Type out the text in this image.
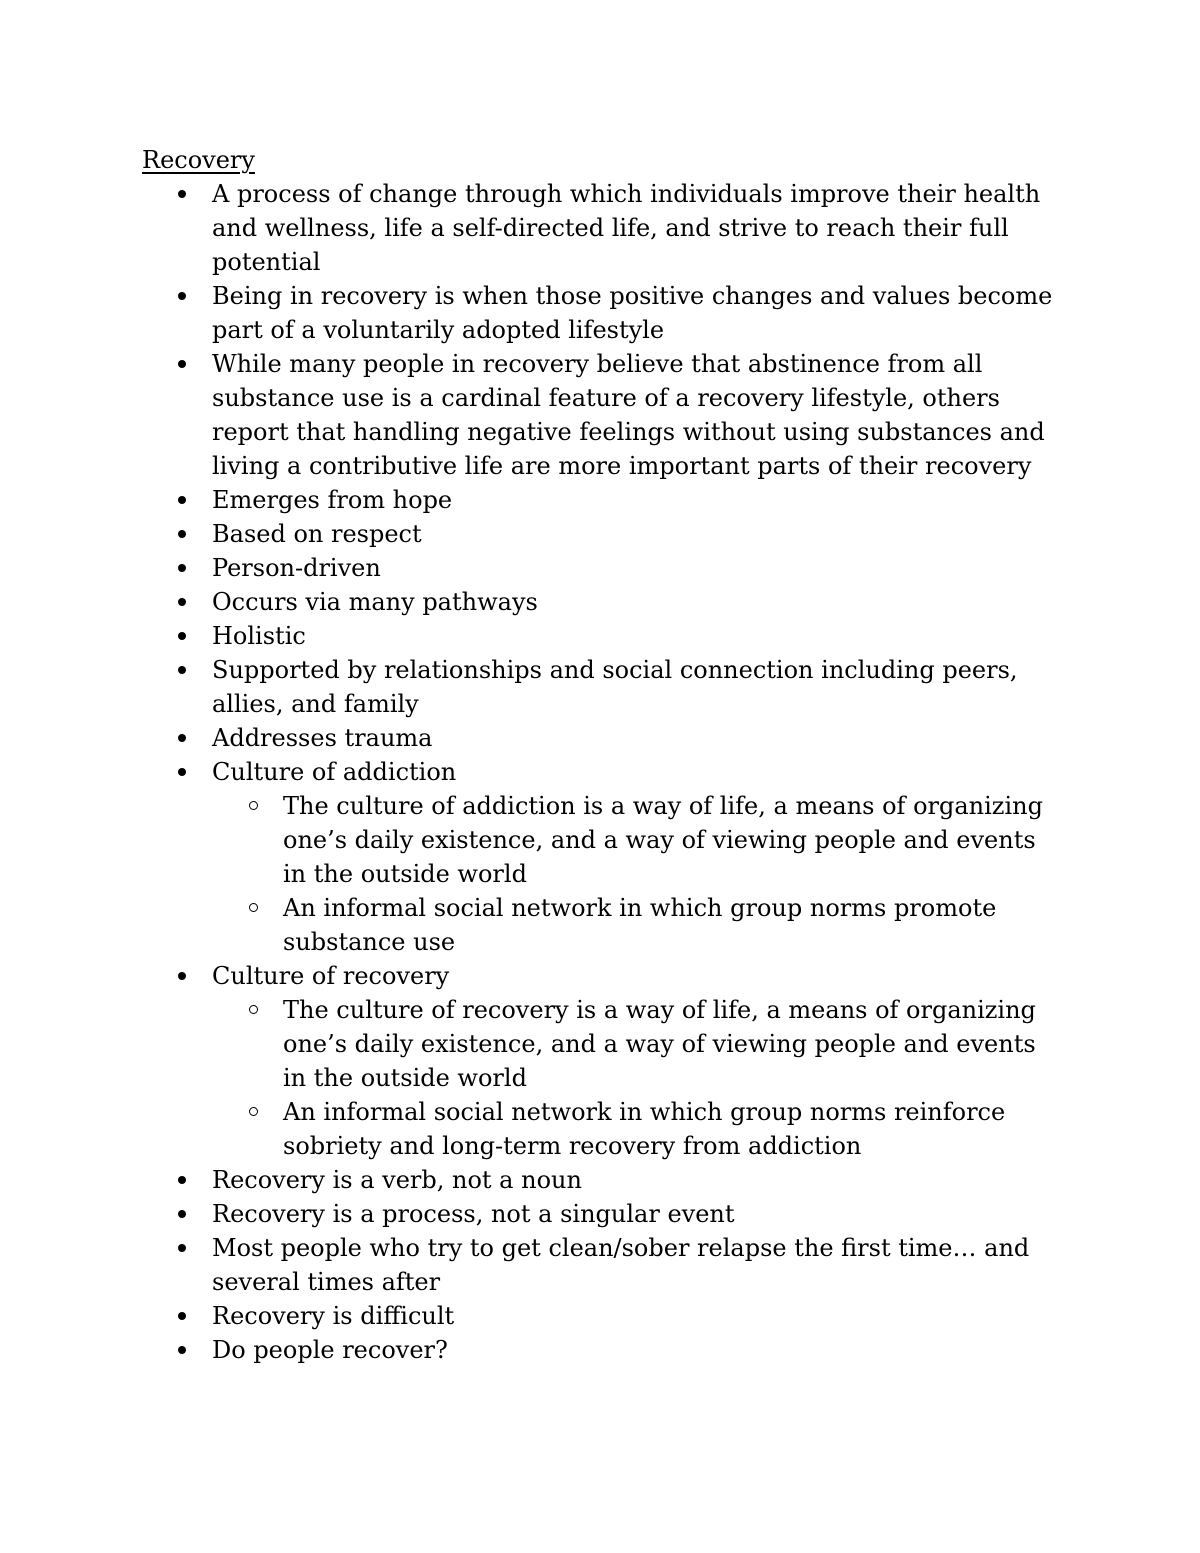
Recovery
A process of change through which individuals improve their health and wellness, life a self-directed life, and strive to reach their full potential
Being in recovery is when those positive changes and values become part of a voluntarily adopted lifestyle
While many people in recovery believe that abstinence from all substance use is a cardinal feature of a recovery lifestyle, others report that handling negative feelings without using substances and living a contributive life are more important parts of their recovery
Emerges from hope
Based on respect
Person-driven
Occurs via many pathways
Holistic
Supported by relationships and social connection including peers, allies, and family
Addresses trauma
Culture of addiction
The culture of addiction is a way of life, a means of organizing one’s daily existence, and a way of viewing people and events in the outside world
An informal social network in which group norms promote substance use
Culture of recovery
The culture of recovery is a way of life, a means of organizing one’s daily existence, and a way of viewing people and events in the outside world
An informal social network in which group norms reinforce sobriety and long-term recovery from addiction
Recovery is a verb, not a noun
Recovery is a process, not a singular event
Most people who try to get clean/sober relapse the first time… and several times after
Recovery is difficult
Do people recover?
